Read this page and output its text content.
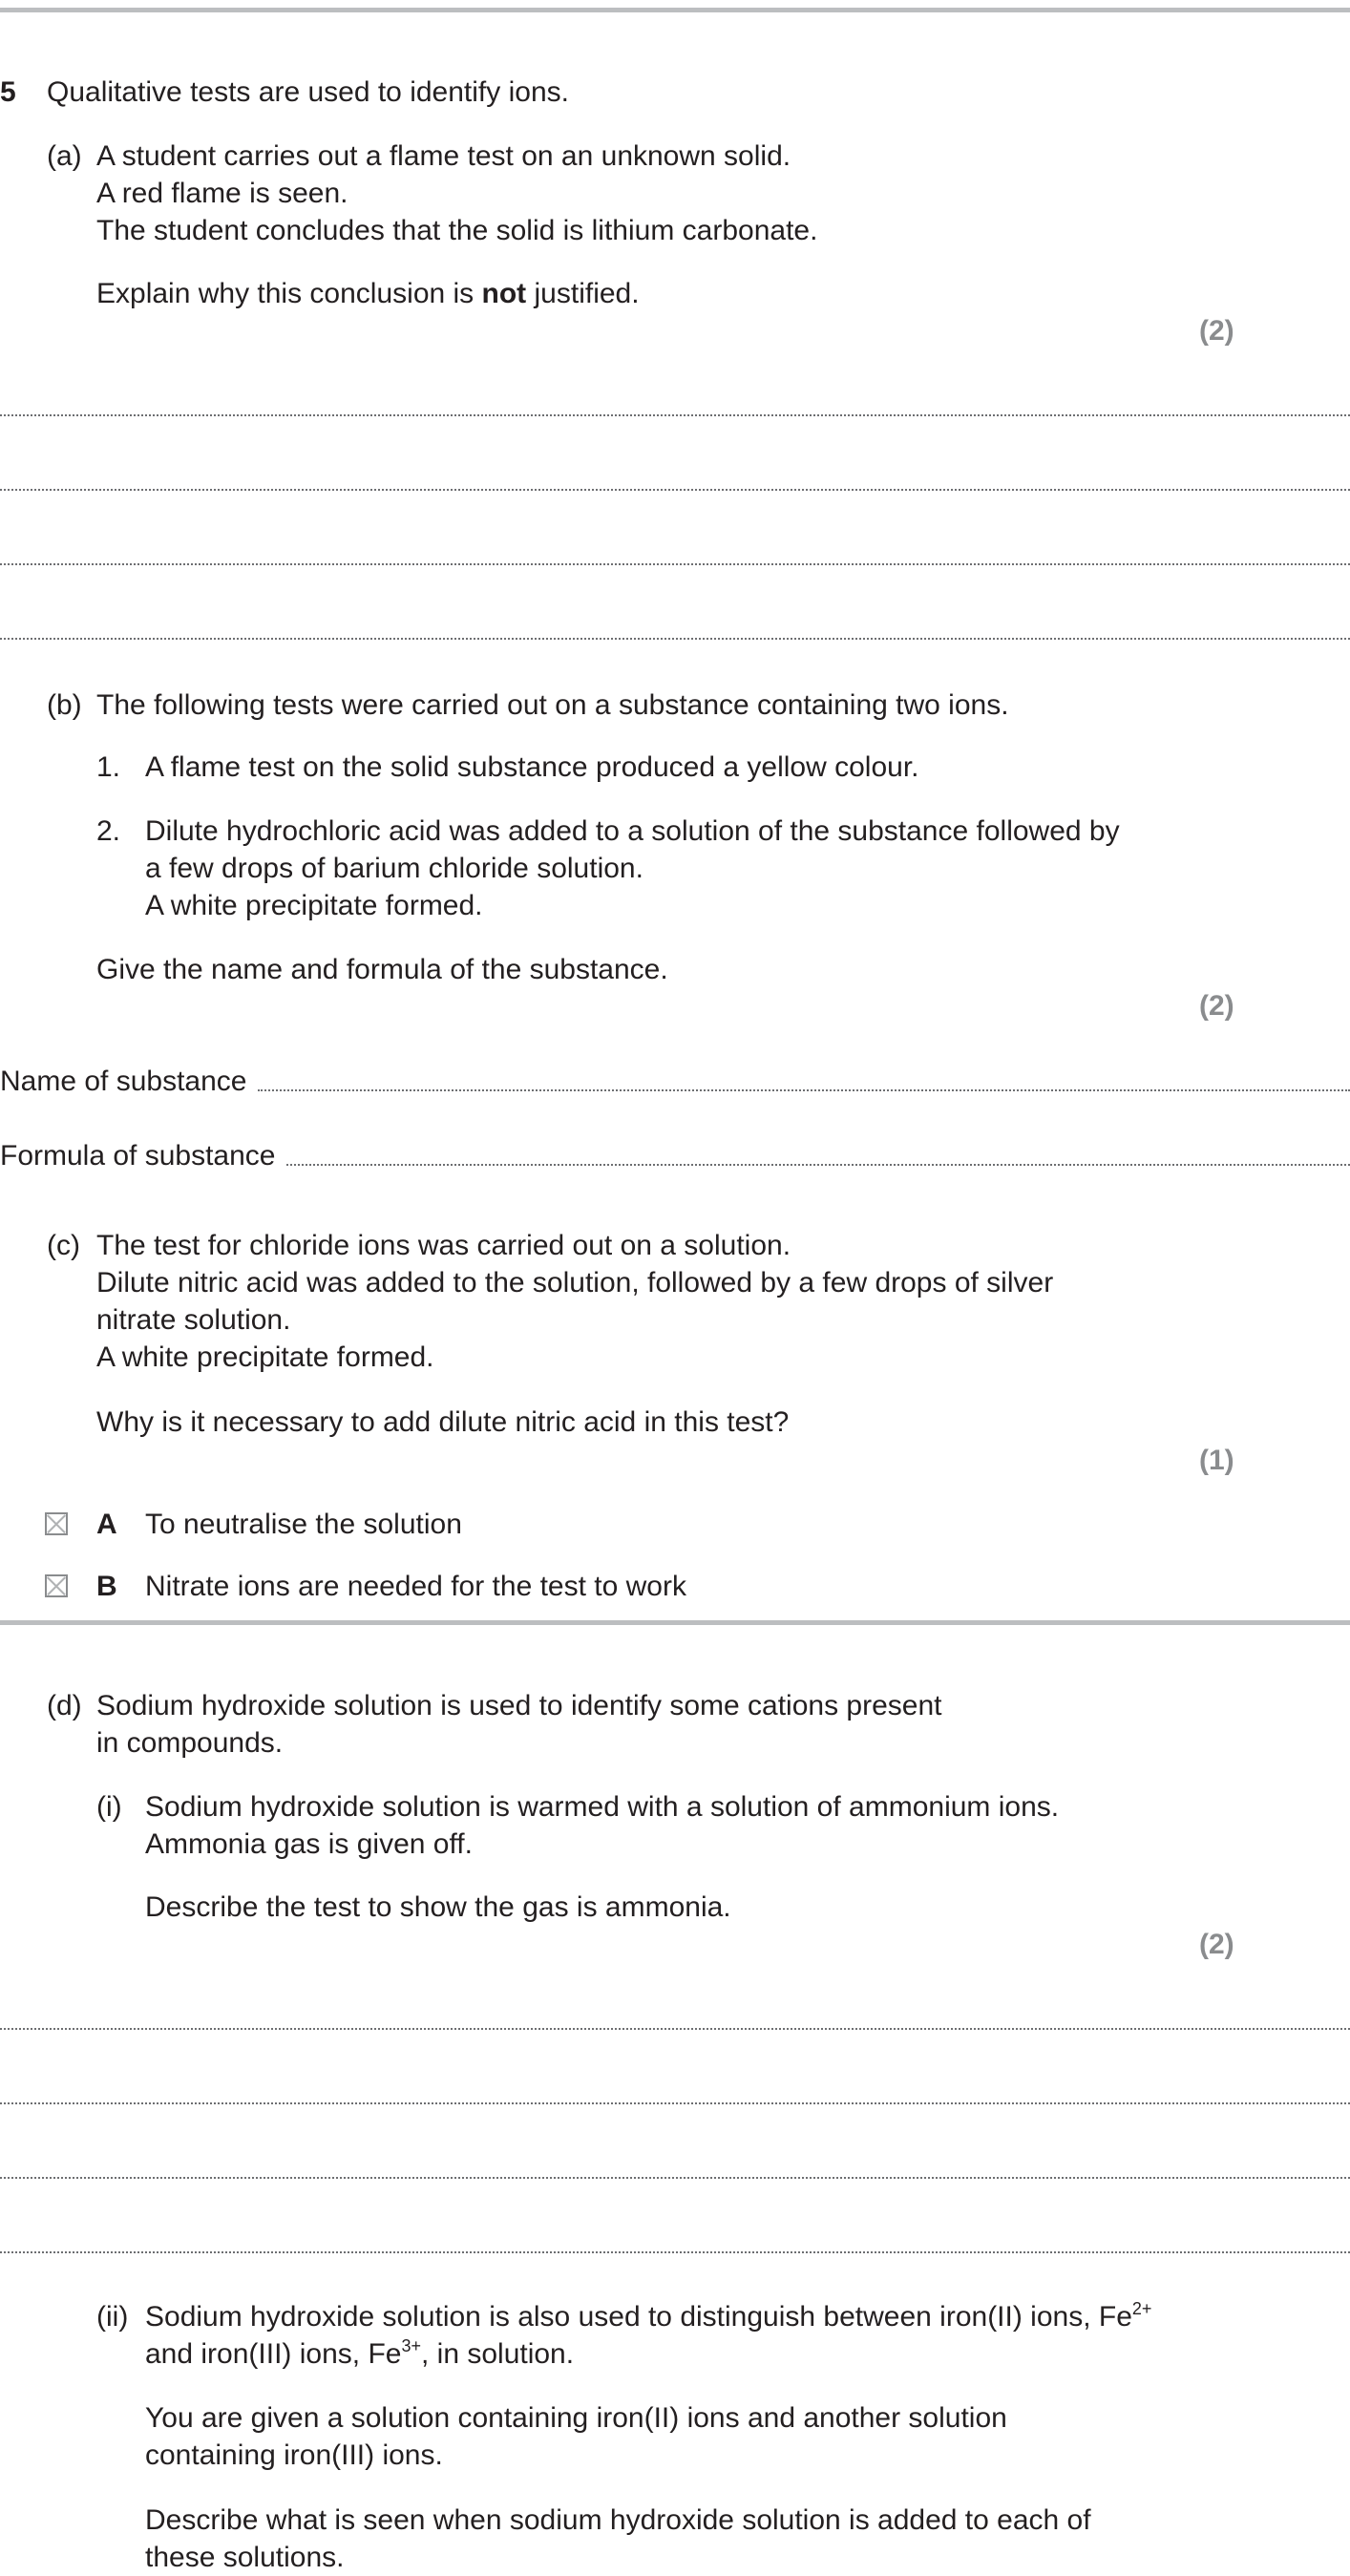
5 Qualitative tests are used to identify ions.
(a) A student carries out a flame test on an unknown solid.
A red flame is seen.
The student concludes that the solid is lithium carbonate.
Explain why this conclusion is not justified.
(2)
(b) The following tests were carried out on a substance containing two ions.
1. A flame test on the solid substance produced a yellow colour.
2. Dilute hydrochloric acid was added to a solution of the substance followed by
a few drops of barium chloride solution.
A white precipitate formed.
Give the name and formula of the substance.
(2)
Name of substance
Formula of substance
(c) The test for chloride ions was carried out on a solution.
Dilute nitric acid was added to the solution, followed by a few drops of silver
nitrate solution.
A white precipitate formed.
Why is it necessary to add dilute nitric acid in this test?
(1)
A To neutralise the solution
B Nitrate ions are needed for the test to work
(d) Sodium hydroxide solution is used to identify some cations present
in compounds.
(i) Sodium hydroxide solution is warmed with a solution of ammonium ions.
Ammonia gas is given off.
Describe the test to show the gas is ammonia.
(2)
(ii) Sodium hydroxide solution is also used to distinguish between iron(II) ions, $Fe^{2+}$
and iron(III) ions, $Fe^{3+}$, in solution.
You are given a solution containing iron(II) ions and another solution
containing iron(III) ions.
Describe what is seen when sodium hydroxide solution is added to each of
these solutions.
